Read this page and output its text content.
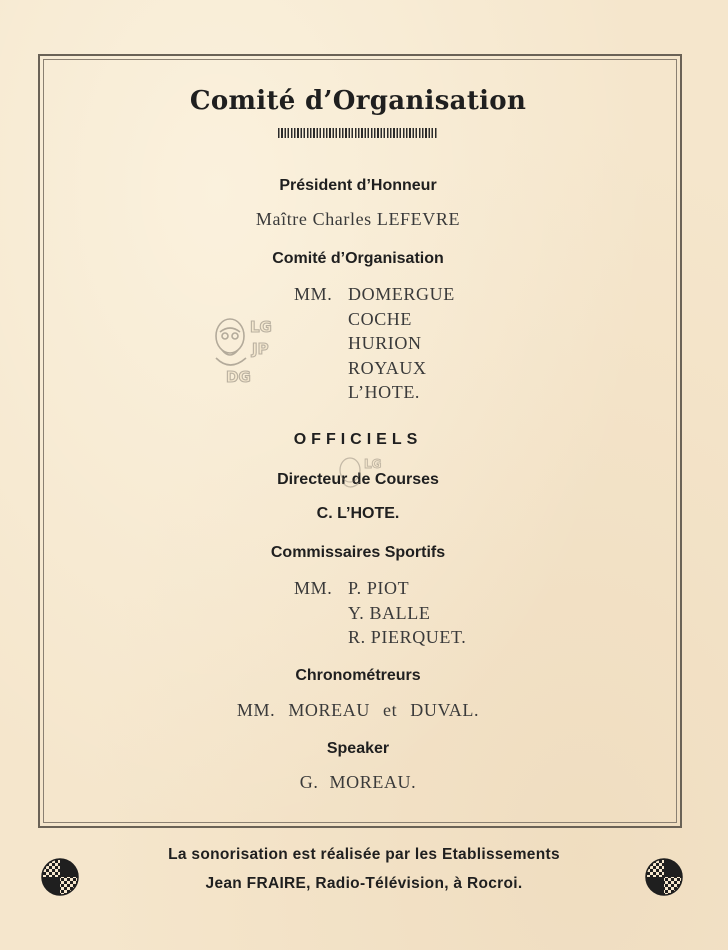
Comité d’Organisation
Président d’Honneur
Maître Charles LEFEVRE
Comité d’Organisation
MM. DOMERGUE
COCHE
HURION
ROYAUX
L’HOTE.
OFFICIELS
Directeur de Courses
C. L’HOTE.
Commissaires Sportifs
MM. P. PIOT
Y. BALLE
R. PIERQUET.
Chronométreurs
MM. MOREAU et DUVAL.
Speaker
G. MOREAU.
LG
JP
DG
LG
La sonorisation est réalisée par les Etablissements
Jean FRAIRE, Radio-Télévision, à Rocroi.
